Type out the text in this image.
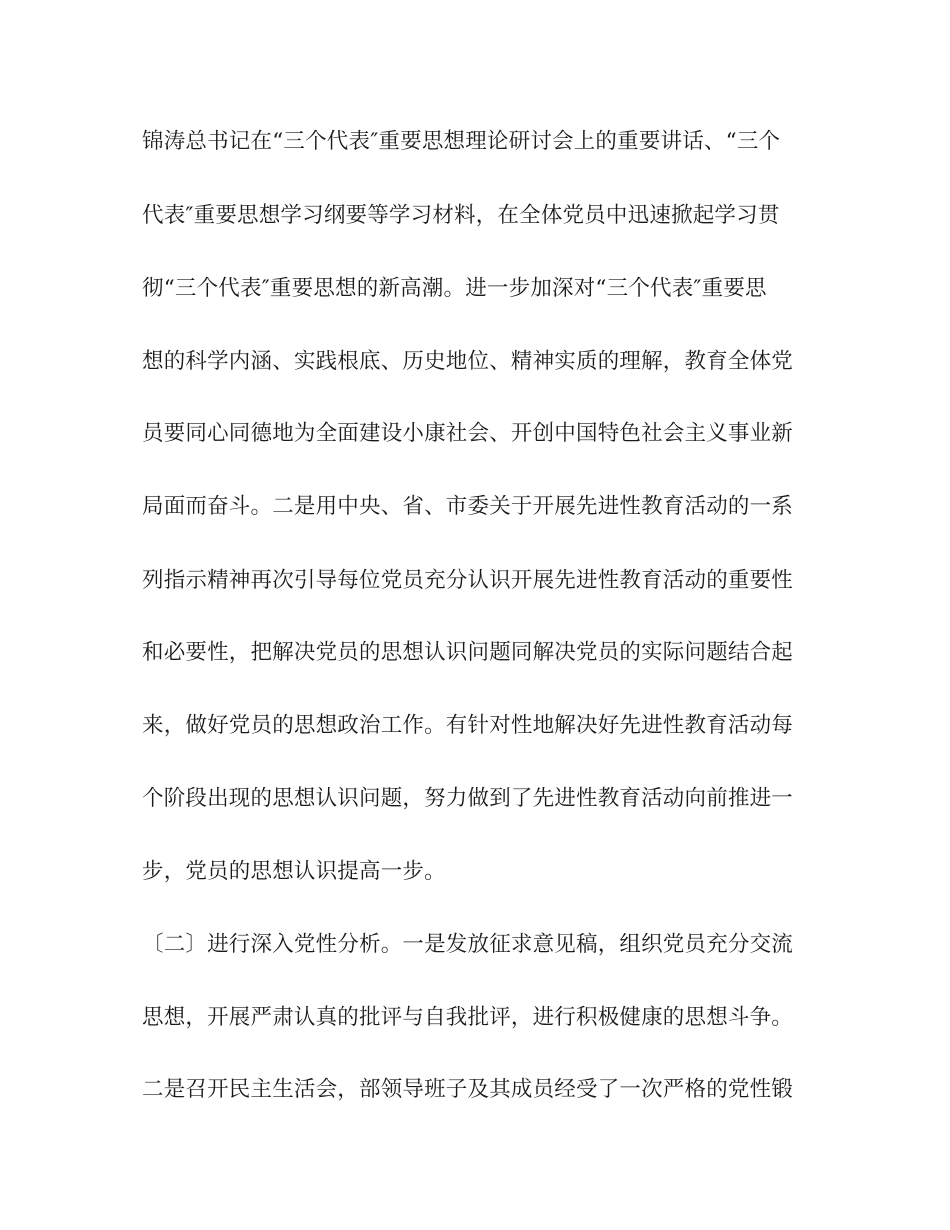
锦涛总书记在“三个代表″重要思想理论研讨会上的重要讲话、“三个
代表″重要思想学习纲要等学习材料，在全体党员中迅速掀起学习贯
彻“三个代表″重要思想的新高潮。进一步加深对“三个代表″重要思
想的科学内涵、实践根底、历史地位、精神实质的理解，教育全体党
员要同心同德地为全面建设小康社会、开创中国特色社会主义事业新
局面而奋斗。二是用中央、省、市委关于开展先进性教育活动的一系
列指示精神再次引导每位党员充分认识开展先进性教育活动的重要性
和必要性，把解决党员的思想认识问题同解决党员的实际问题结合起
来，做好党员的思想政治工作。有针对性地解决好先进性教育活动每
个阶段出现的思想认识问题，努力做到了先进性教育活动向前推进一
步，党员的思想认识提高一步。
〔二〕进行深入党性分析。一是发放征求意见稿，组织党员充分交流
思想，开展严肃认真的批评与自我批评，进行积极健康的思想斗争。
二是召开民主生活会，部领导班子及其成员经受了一次严格的党性锻
